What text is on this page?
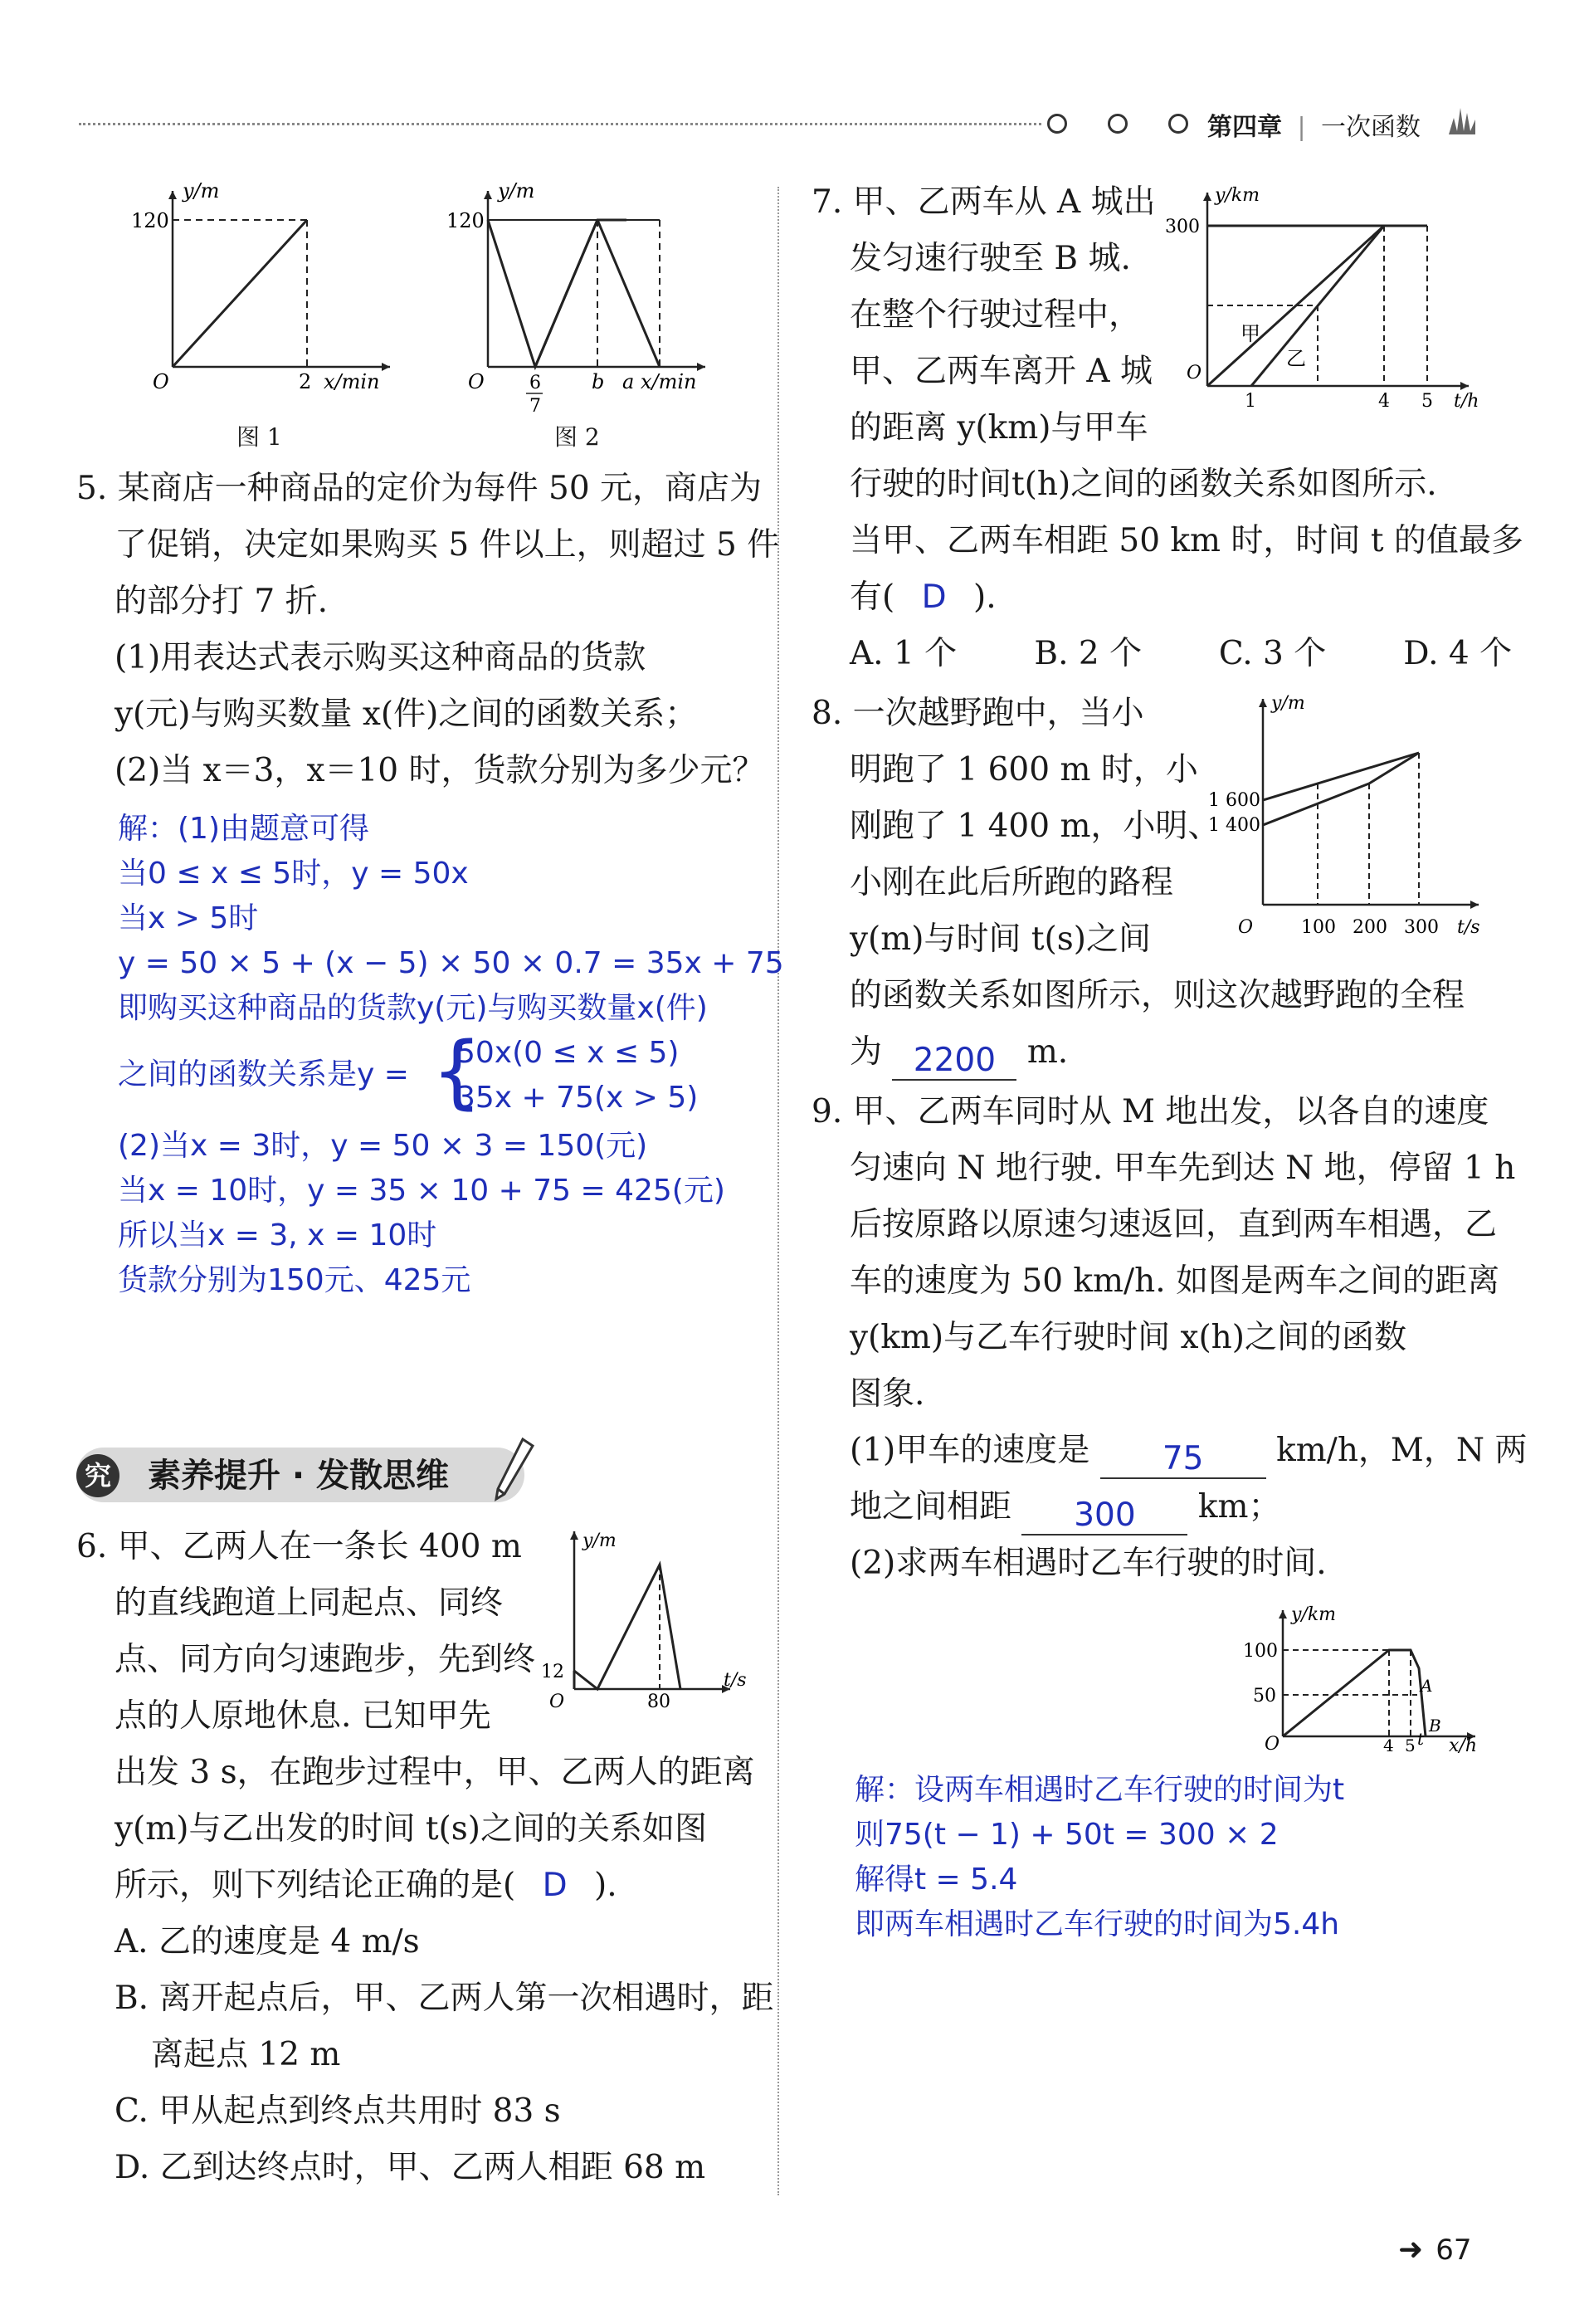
第四章 | 一次函数
y/m
120
O	2 x/min
图 1
y/m
120
O 6
7
b a x/min
图 2
5. 某商店一种商品的定价为每件 50 元，商店为
了促销，决定如果购买 5 件以上，则超过 5 件
的部分打 7 折.
(1)用表达式表示购买这种商品的货款
y(元)与购买数量 x(件)之间的函数关系；
(2)当 x＝3，x＝10 时，货款分别为多少元？
解：(1)由题意可得
当0 ≤ x ≤ 5时，y = 50x
当x > 5时
y = 50 × 5 + (x − 5) × 50 × 0.7 = 35x + 75
即购买这种商品的货款y(元)与购买数量x(件)
之间的函数关系是y = {
50x(0 ≤ x ≤ 5)
35x + 75(x > 5)
(2)当x = 3时，y = 50 × 3 = 150(元)
当x = 10时，y = 35 × 10 + 75 = 425(元)
所以当x = 3, x = 10时
货款分别为150元、425元
究 素养提升 · 发散思维
6. 甲、乙两人在一条长 400 m
的直线跑道上同起点、同终
点、同方向匀速跑步，先到终
点的人原地休息. 已知甲先
出发 3 s，在跑步过程中，甲、乙两人的距离
y(m)与乙出发的时间 t(s)之间的关系如图
所示，则下列结论正确的是( D ).
A. 乙的速度是 4 m/s
B. 离开起点后，甲、乙两人第一次相遇时，距
离起点 12 m
C. 甲从起点到终点共用时 83 s
D. 乙到达终点时，甲、乙两人相距 68 m
y/m
12
O	80
t/s
7. 甲、乙两车从 A 城出
发匀速行驶至 B 城.
在整个行驶过程中，
甲、乙两车离开 A 城
的距离 y(km)与甲车
行驶的时间t(h)之间的函数关系如图所示.
当甲、乙两车相距 50 km 时，时间 t 的值最多
有( D ).
A. 1 个 B. 2 个 C. 3 个 D. 4 个
y/km
300
O
1	4 5 t/h
甲
乙
8. 一次越野跑中，当小
明跑了 1 600 m 时，小
刚跑了 1 400 m，小明、
小刚在此后所跑的路程
y(m)与时间 t(s)之间
的函数关系如图所示，则这次越野跑的全程
为 2200 m.
y/m
1 600
1 400
O	100 200 300 t/s
9. 甲、乙两车同时从 M 地出发，以各自的速度
匀速向 N 地行驶. 甲车先到达 N 地，停留 1 h
后按原路以原速匀速返回，直到两车相遇，乙
车的速度为 50 km/h. 如图是两车之间的距离
y(km)与乙车行驶时间 x(h)之间的函数
图象.
(1)甲车的速度是 75 km/h，M，N 两
地之间相距 300 km；
(2)求两车相遇时乙车行驶的时间.
y/km
100
50
O	4 5 t x/h
A
B
解：设两车相遇时乙车行驶的时间为t
则75(t − 1) + 50t = 300 × 2
解得t = 5.4
即两车相遇时乙车行驶的时间为5.4h
➜ 67
